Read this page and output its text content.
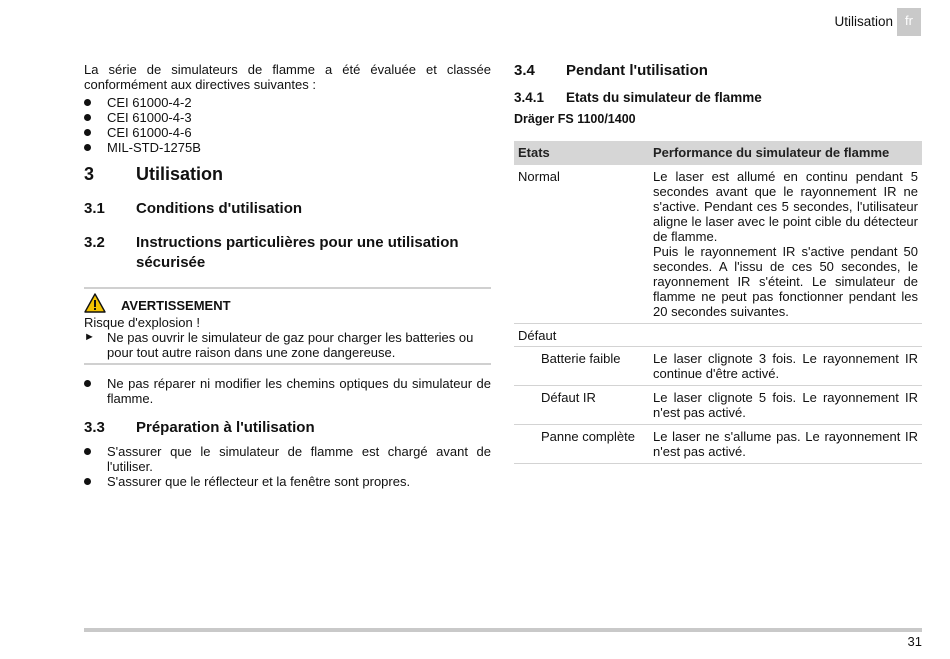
Utilisation fr
La série de simulateurs de flamme a été évaluée et classée conformément aux directives suivantes :
CEI 61000-4-2
CEI 61000-4-3
CEI 61000-4-6
MIL-STD-1275B
3 Utilisation
3.1 Conditions d'utilisation
3.2 Instructions particulières pour une utilisation
sécurisée
AVERTISSEMENT
Risque d'explosion !
► Ne pas ouvrir le simulateur de gaz pour charger les batteries ou pour tout autre raison dans une zone dangereuse.
Ne pas réparer ni modifier les chemins optiques du simulateur de flamme.
3.3 Préparation à l'utilisation
S'assurer que le simulateur de flamme est chargé avant de l'utiliser.
S'assurer que le réflecteur et la fenêtre sont propres.
3.4 Pendant l'utilisation
3.4.1 Etats du simulateur de flamme
Dräger FS 1100/1400
Etats	Performance du simulateur de flamme
Normal	Le laser est allumé en continu pendant 5 secondes avant que le rayonnement IR ne s'active. Pendant ces 5 secondes, l'utilisateur aligne le laser avec le point cible du détecteur de flamme.
Puis le rayonnement IR s'active pendant 50 secondes. A l'issu de ces 50 secondes, le rayonnement IR s'éteint. Le simulateur de flamme ne peut pas fonctionner pendant les 20 secondes suivantes.
Défaut
Batterie faible	Le laser clignote 3 fois. Le rayonnement IR continue d'être activé.
Défaut IR	Le laser clignote 5 fois. Le rayonnement IR n'est pas activé.
Panne complète Le laser ne s'allume pas. Le rayonnement IR n'est pas activé.
31
